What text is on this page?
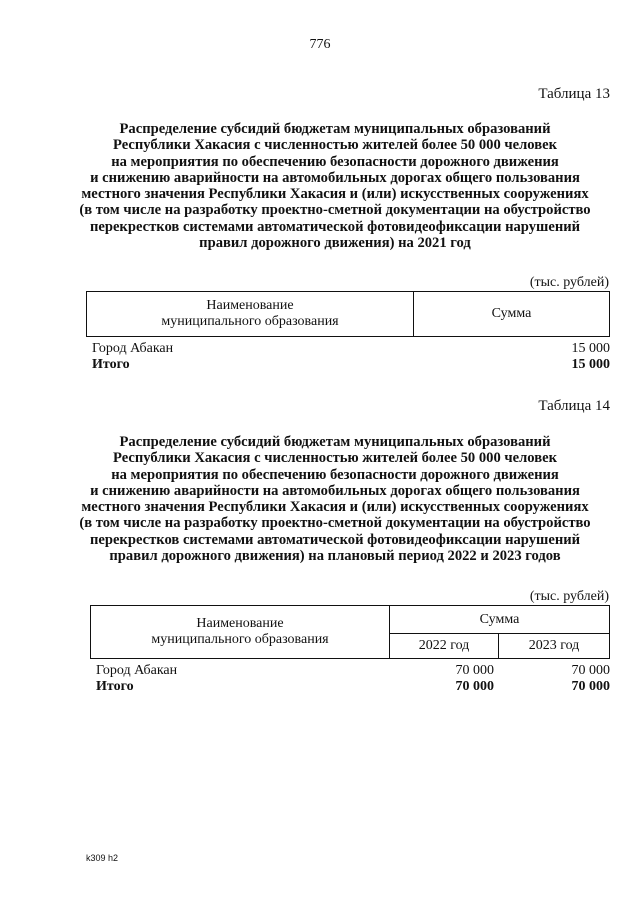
776
Таблица 13
Распределение субсидий бюджетам муниципальных образований
Республики Хакасия с численностью жителей более 50 000 человек
на мероприятия по обеспечению безопасности дорожного движения
и снижению аварийности на автомобильных дорогах общего пользования
местного значения Республики Хакасия и (или) искусственных сооружениях
(в том числе на разработку проектно-сметной документации на обустройство
перекрестков системами автоматической фотовидеофиксации нарушений
правил дорожного движения) на 2021 год
(тыс. рублей)
Наименование
муниципального образования
Сумма
Город Абакан	15 000
Итого	15 000
Таблица 14
Распределение субсидий бюджетам муниципальных образований
Республики Хакасия с численностью жителей более 50 000 человек
на мероприятия по обеспечению безопасности дорожного движения
и снижению аварийности на автомобильных дорогах общего пользования
местного значения Республики Хакасия и (или) искусственных сооружениях
(в том числе на разработку проектно-сметной документации на обустройство
перекрестков системами автоматической фотовидеофиксации нарушений
правил дорожного движения) на плановый период 2022 и 2023 годов
(тыс. рублей)
Наименование
муниципального образования
Сумма
2022 год	2023 год
Город Абакан	70 000	70 000
Итого	70 000	70 000
k309 h2
